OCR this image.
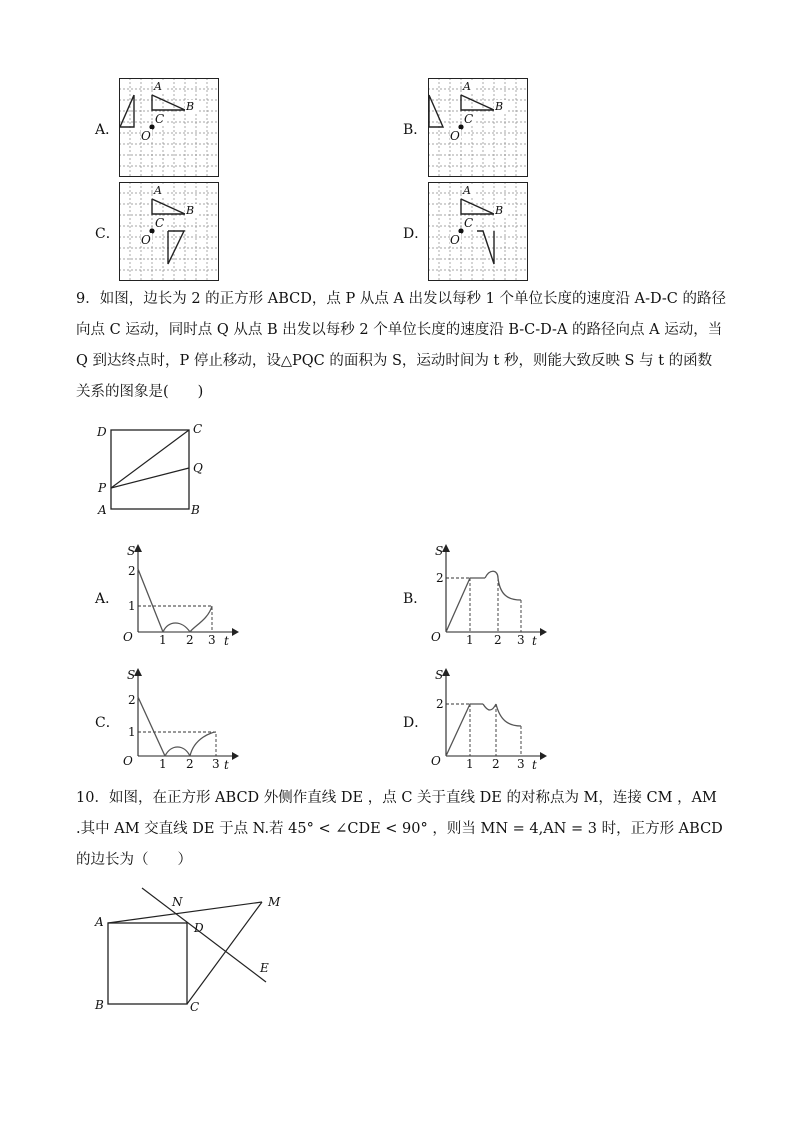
A．	B．
C．	D．
A
B
C
O
A
B
C
O
A
B
C
O
A
B
C
O
9．如图，边长为 2 的正方形 ABCD，点 P 从点 A 出发以每秒 1 个单位长度的速度沿 A-D-C 的路径向点 C 运动，同时点 Q 从点 B 出发以每秒 2 个单位长度的速度沿 B-C-D-A 的路径向点 A 运动，当 Q 到达终点时，P 停止移动，设△PQC 的面积为 S，运动时间为 t 秒，则能大致反映 S 与 t 的函数关系的图象是(　　)
D	C
P
Q
A	B
A．	B．
C．	D．
S
t
O
2
1
1 2 3
S
t
O
2
1 2 3
S
t
O
2
1
1 2 3
S
t
O
2
1 2 3
10．如图，在正方形 ABCD 外侧作直线 DE ，点 C 关于直线 DE 的对称点为 M，连接 CM ，AM .其中 AM 交直线 DE 于点 N.若 45° < ∠CDE < 90° ，则当 MN = 4,AN = 3 时，正方形 ABCD 的边长为（　　）
A
B	C
D
E
M
N
